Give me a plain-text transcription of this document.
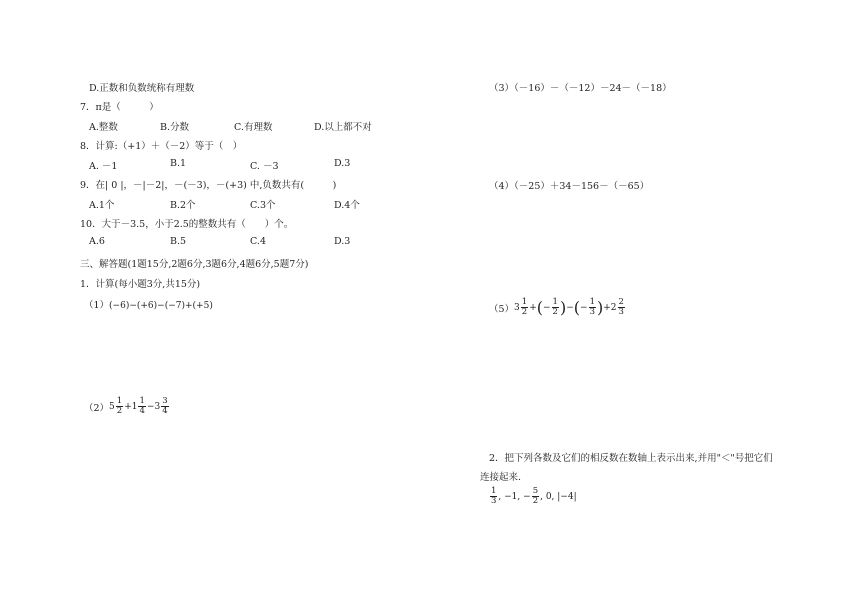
D.正数和负数统称有理数
7．π是（　　　）
A.整数	B.分数	C.有理数	D.以上都不对
8．计算:（+1）＋（－2）等于（　）
A. －1	B.1	C. －3	D.3
9．在| 0 |，－|－2|，－(－3)，－(+3) 中,负数共有(　　　)
A.1个	B.2个	C.3个	D.4个
10．大于－3.5，小于2.5的整数共有（　　）个。
A.6	B.5	C.4	D.3
三、解答题(1题15分,2题6分,3题6分,4题6分,5题7分)
1．计算(每小题3分,共15分)
（1）(−6)−(+6)−(−7)+(+5)
（2） $5 \frac{1}{2} + 1 \frac{1}{4} - 3 \frac{3}{4}$
（3）（－16）－（－12）－24－（－18）
（4）（－25）＋34－156－（－65）
（5） $3 \frac{1}{2}$ + ( − $\frac{1}{2}$ ) − ( − $\frac{1}{3}$ ) + $2 \frac{2}{3}$
2．把下列各数及它们的相反数在数轴上表示出来,并用"＜"号把它们
连接起来.
$\frac{1}{3}$ , −1, − $\frac{5}{2}$ , 0, |−4|
